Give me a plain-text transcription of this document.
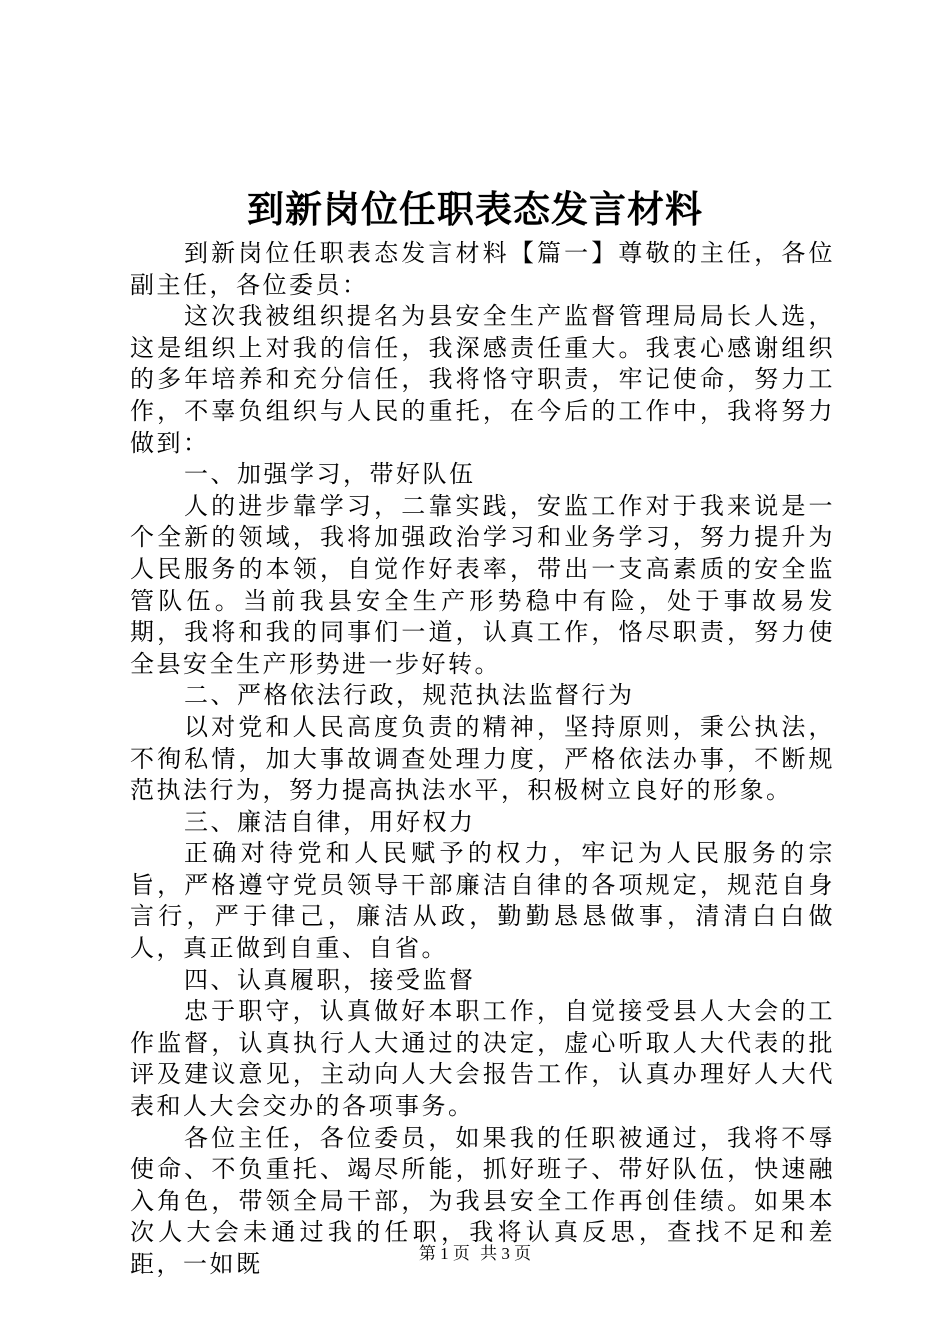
到新岗位任职表态发言材料

到新岗位任职表态发言材料【篇一】尊敬的主任，各位副主任，各位委员：

这次我被组织提名为县安全生产监督管理局局长人选，这是组织上对我的信任，我深感责任重大。我衷心感谢组织的多年培养和充分信任，我将恪守职责，牢记使命，努力工作，不辜负组织与人民的重托，在今后的工作中，我将努力做到：

一、加强学习，带好队伍

人的进步靠学习，二靠实践，安监工作对于我来说是一个全新的领域，我将加强政治学习和业务学习，努力提升为人民服务的本领，自觉作好表率，带出一支高素质的安全监管队伍。当前我县安全生产形势稳中有险，处于事故易发期，我将和我的同事们一道，认真工作，恪尽职责，努力使全县安全生产形势进一步好转。

二、严格依法行政，规范执法监督行为

以对党和人民高度负责的精神，坚持原则，秉公执法，不徇私情，加大事故调查处理力度，严格依法办事，不断规范执法行为，努力提高执法水平，积极树立良好的形象。

三、廉洁自律，用好权力

正确对待党和人民赋予的权力，牢记为人民服务的宗旨，严格遵守党员领导干部廉洁自律的各项规定，规范自身言行，严于律己，廉洁从政，勤勤恳恳做事，清清白白做人，真正做到自重、自省。

四、认真履职，接受监督

忠于职守，认真做好本职工作，自觉接受县人大会的工作监督，认真执行人大通过的决定，虚心听取人大代表的批评及建议意见，主动向人大会报告工作，认真办理好人大代表和人大会交办的各项事务。

各位主任，各位委员，如果我的任职被通过，我将不辱使命、不负重托、竭尽所能，抓好班子、带好队伍，快速融入角色，带领全局干部，为我县安全工作再创佳绩。如果本次人大会未通过我的任职，我将认真反思，查找不足和差距，一如既	第 1 页 共 3 页
